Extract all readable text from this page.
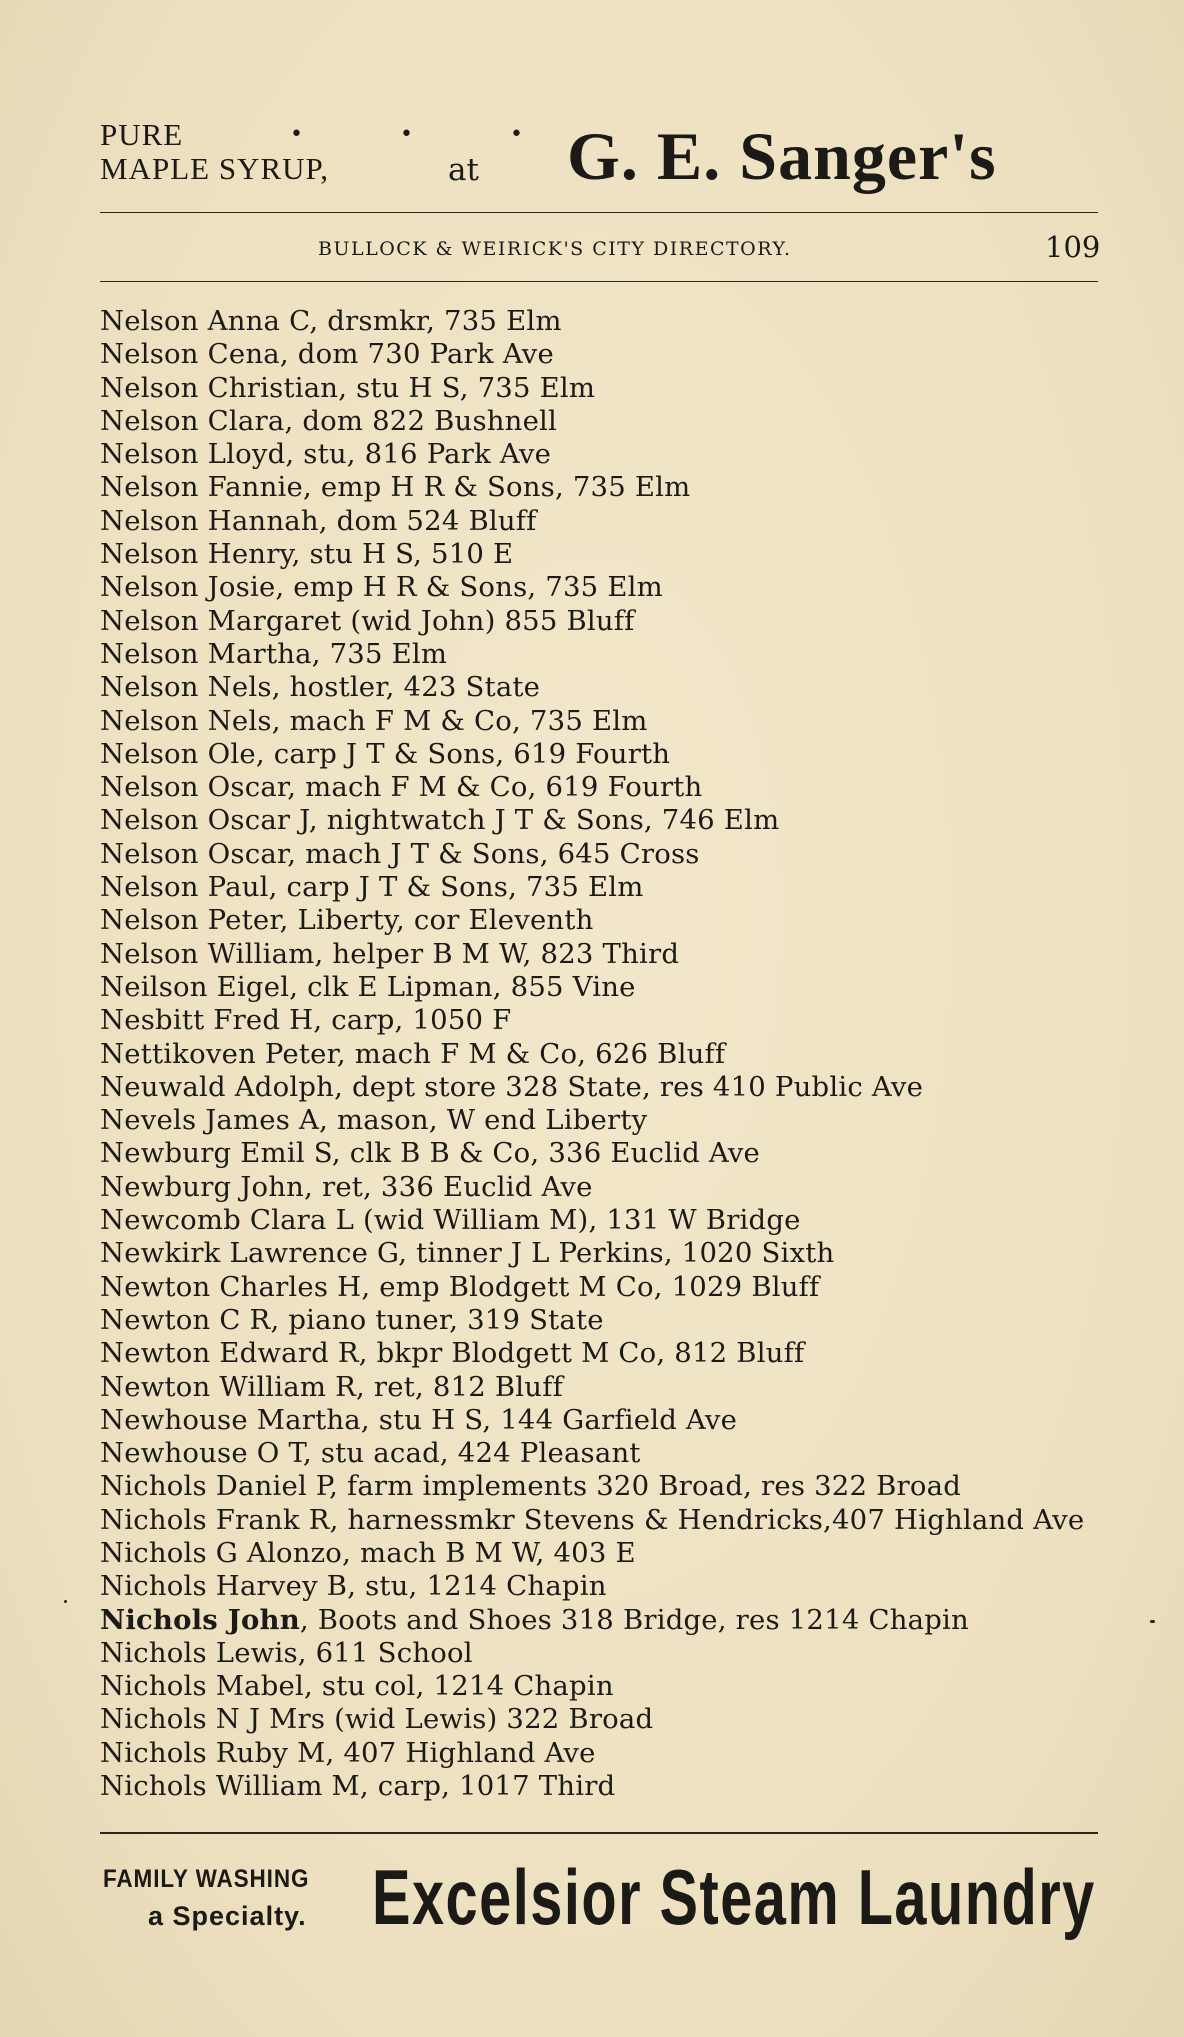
PURE
MAPLE SYRUP,
• • •
at G. E. Sanger's
BULLOCK & WEIRICK'S CITY DIRECTORY.	109
Nelson Anna C, drsmkr, 735 Elm
Nelson Cena, dom 730 Park Ave
Nelson Christian, stu H S, 735 Elm
Nelson Clara, dom 822 Bushnell
Nelson Lloyd, stu, 816 Park Ave
Nelson Fannie, emp H R & Sons, 735 Elm
Nelson Hannah, dom 524 Bluff
Nelson Henry, stu H S, 510 E
Nelson Josie, emp H R & Sons, 735 Elm
Nelson Margaret (wid John) 855 Bluff
Nelson Martha, 735 Elm
Nelson Nels, hostler, 423 State
Nelson Nels, mach F M & Co, 735 Elm
Nelson Ole, carp J T & Sons, 619 Fourth
Nelson Oscar, mach F M & Co, 619 Fourth
Nelson Oscar J, nightwatch J T & Sons, 746 Elm
Nelson Oscar, mach J T & Sons, 645 Cross
Nelson Paul, carp J T & Sons, 735 Elm
Nelson Peter, Liberty, cor Eleventh
Nelson William, helper B M W, 823 Third
Neilson Eigel, clk E Lipman, 855 Vine
Nesbitt Fred H, carp, 1050 F
Nettikoven Peter, mach F M & Co, 626 Bluff
Neuwald Adolph, dept store 328 State, res 410 Public Ave
Nevels James A, mason, W end Liberty
Newburg Emil S, clk B B & Co, 336 Euclid Ave
Newburg John, ret, 336 Euclid Ave
Newcomb Clara L (wid William M), 131 W Bridge
Newkirk Lawrence G, tinner J L Perkins, 1020 Sixth
Newton Charles H, emp Blodgett M Co, 1029 Bluff
Newton C R, piano tuner, 319 State
Newton Edward R, bkpr Blodgett M Co, 812 Bluff
Newton William R, ret, 812 Bluff
Newhouse Martha, stu H S, 144 Garfield Ave
Newhouse O T, stu acad, 424 Pleasant
Nichols Daniel P, farm implements 320 Broad, res 322 Broad
Nichols Frank R, harnessmkr Stevens & Hendricks,407 Highland Ave
Nichols G Alonzo, mach B M W, 403 E
Nichols Harvey B, stu, 1214 Chapin
Nichols John, Boots and Shoes 318 Bridge, res 1214 Chapin
Nichols Lewis, 611 School
Nichols Mabel, stu col, 1214 Chapin
Nichols N J Mrs (wid Lewis) 322 Broad
Nichols Ruby M, 407 Highland Ave
Nichols William M, carp, 1017 Third
FAMILY WASHING
a Specialty. Excelsior Steam Laundry
